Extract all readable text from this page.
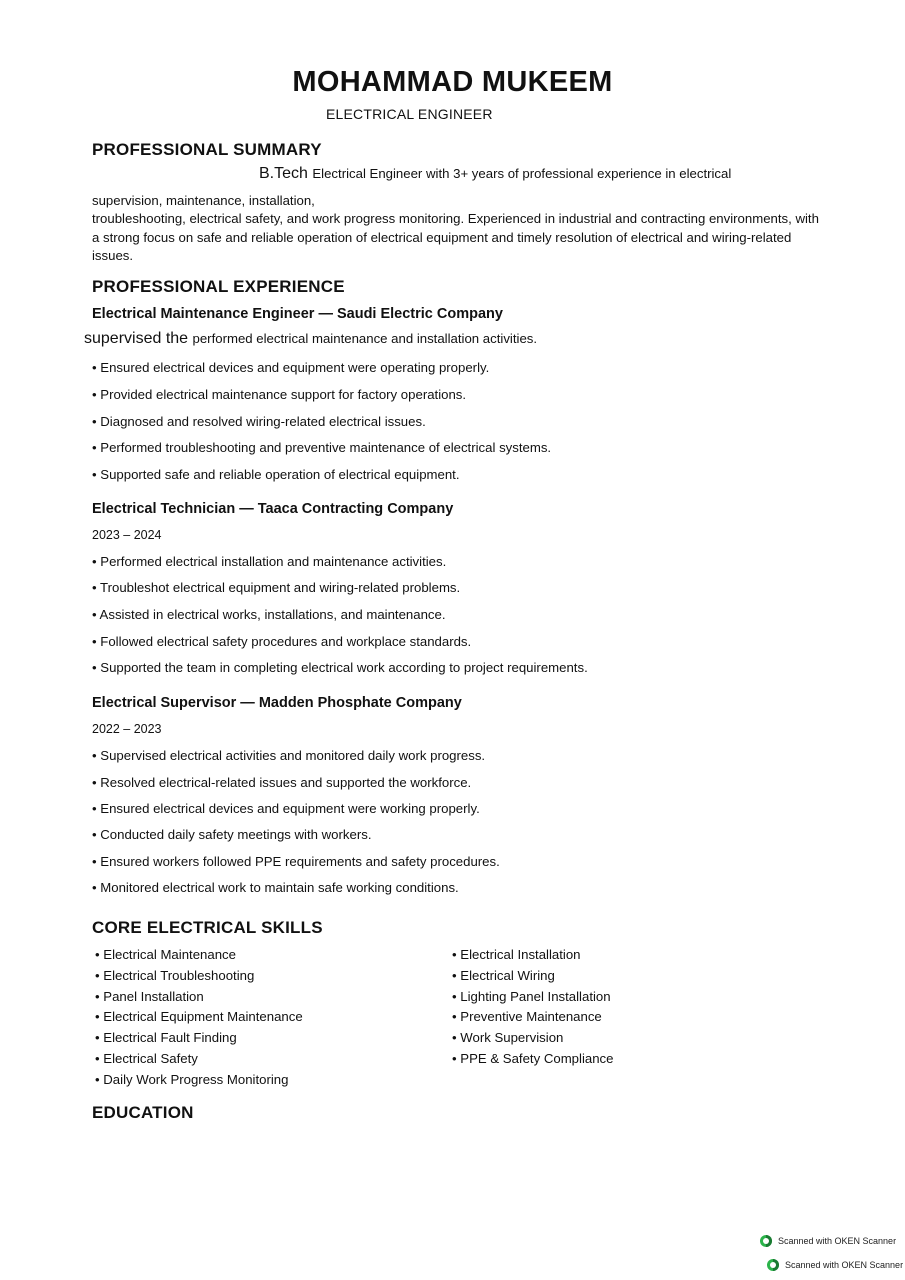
MOHAMMAD MUKEEM
ELECTRICAL ENGINEER
PROFESSIONAL SUMMARY
B.Tech Electrical Engineer with 3+ years of professional experience in electrical
supervision, maintenance, installation,
troubleshooting, electrical safety, and work progress monitoring. Experienced in industrial and contracting environments, with a strong focus on safe and reliable operation of electrical equipment and timely resolution of electrical and wiring-related issues.
PROFESSIONAL EXPERIENCE
Electrical Maintenance Engineer — Saudi Electric Company
supervised the performed electrical maintenance and installation activities.
• Ensured electrical devices and equipment were operating properly.
• Provided electrical maintenance support for factory operations.
• Diagnosed and resolved wiring-related electrical issues.
• Performed troubleshooting and preventive maintenance of electrical systems.
• Supported safe and reliable operation of electrical equipment.
Electrical Technician — Taaca Contracting Company
2023 – 2024
• Performed electrical installation and maintenance activities.
• Troubleshot electrical equipment and wiring-related problems.
• Assisted in electrical works, installations, and maintenance.
• Followed electrical safety procedures and workplace standards.
• Supported the team in completing electrical work according to project requirements.
Electrical Supervisor — Madden Phosphate Company
2022 – 2023
• Supervised electrical activities and monitored daily work progress.
• Resolved electrical-related issues and supported the workforce.
• Ensured electrical devices and equipment were working properly.
• Conducted daily safety meetings with workers.
• Ensured workers followed PPE requirements and safety procedures.
• Monitored electrical work to maintain safe working conditions.
CORE ELECTRICAL SKILLS
• Electrical Maintenance
• Electrical Troubleshooting
• Panel Installation
• Electrical Equipment Maintenance
• Electrical Fault Finding
• Electrical Safety
• Daily Work Progress Monitoring
• Electrical Installation
• Electrical Wiring
• Lighting Panel Installation
• Preventive Maintenance
• Work Supervision
• PPE & Safety Compliance
EDUCATION
Scanned with OKEN Scanner
Scanned with OKEN Scanner
